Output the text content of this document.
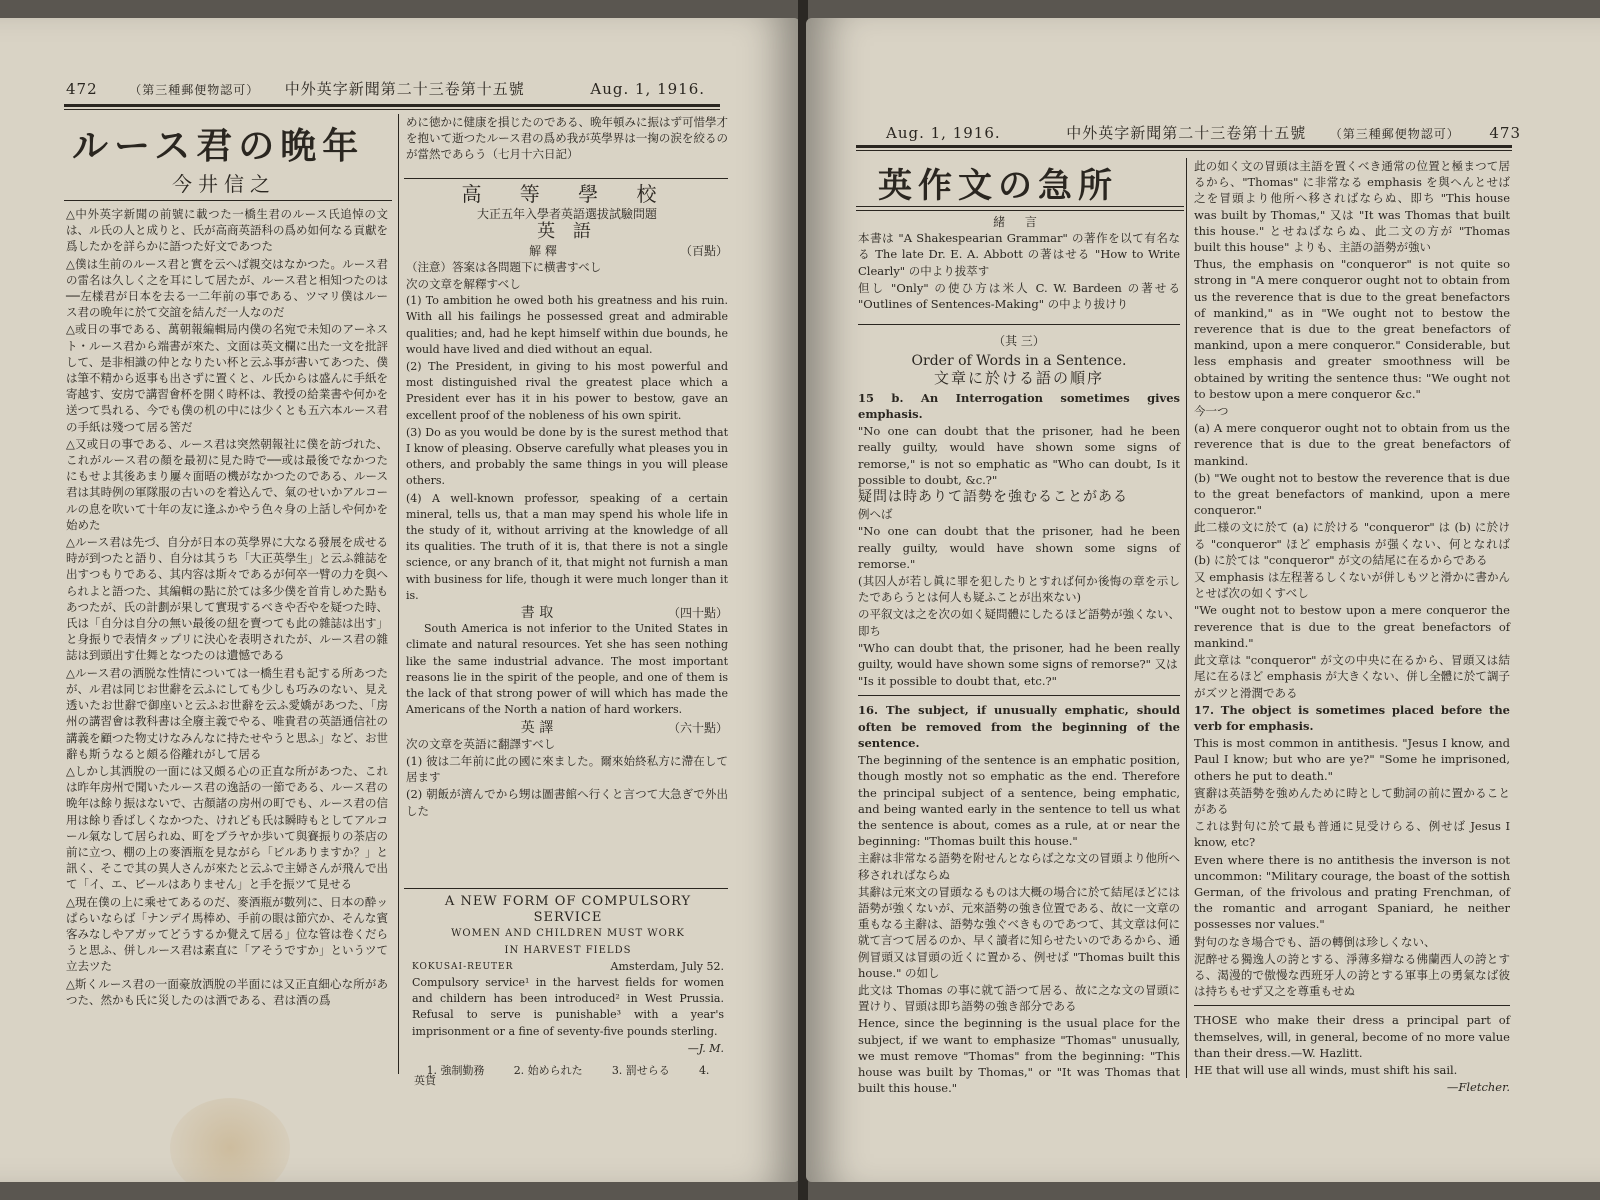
472	（第三種郵便物認可） 中外英字新聞第二十三卷第十五號	Aug. 1, 1916.
ルース君の晩年
今井信之

△中外英字新聞の前號に載つた一橋生君のルース氏追悼の文は、ル氏の人と成りと、氏が高商英語科の爲め如何なる貢獻を爲したかを詳らかに語つた好文であつた

△僕は生前のルース君と實を云へば親交はなかつた。ルース君の雷名は久しく之を耳にして居たが、ルース君と相知つたのは──左樣君が日本を去る一二年前の事である、ツマリ僕はルース君の晩年に於て交誼を結んだ一人なのだ

△或日の事である、萬朝報編輯局内僕の名宛で未知のアーネスト・ルース君から端書が來た、文面は英文欄に出た一文を批評して、是非相識の仲となりたい杯と云ふ事が書いてあつた、僕は筆不精から返事も出さずに置くと、ル氏からは盛んに手紙を寄越す、安房で講習會杯を開く時杯は、教授の給業書や何かを送つて呉れる、今でも僕の机の中には少くとも五六本ルース君の手紙は殘つて居る筈だ

△又或日の事である、ルース君は突然朝報社に僕を訪づれた、これがルース君の顏を最初に見た時で──或は最後でなかつたにもせよ其後あまり屢々面晤の機がなかつたのである、ルース君は其時例の軍隊服の古いのを着込んで、氣のせいかアルコールの息を吹いて十年の友に逢ふかやう色々身の上話しや何かを始めた

△ルース君は先づ、自分が日本の英學界に大なる發展を成せる時が到つたと語り、自分は其うち「大正英學生」と云ふ雜誌を出すつもりである、其内容は斯々であるが何卒一臂の力を與へられよと語つた、其編輯の點に於ては多少僕を首肯しめた點もあつたが、氏の計劃が果して實現するべきや否やを疑つた時、氏は「自分は自分の無い最後の紐を賣つても此の雜誌は出す」と身振りで表情タップリに決心を表明されたが、ルース君の雜誌は到頭出す仕舞となつたのは遺憾である

△ルース君の洒脱な性情については一橋生君も記する所あつたが、ル君は同じお世辭を云ふにしても少しも巧みのない、見え透いたお世辭で御座いと云ふお世辭を云ふ愛嬌があつた、「房州の講習會は教科書は全廢主義でやる、唯貴君の英語通信社の講義を顧つた物丈けなみんなに持たせやうと思ふ」など、お世辭も斯うなると頗る俗離れがして居る

△しかし其洒脫の一面には又頗る心の正直な所があつた、これは昨年房州で聞いたルース君の逸話の一節である、ルース君の晩年は餘り振はないで、古顏諸の房州の町でも、ルース君の信用は餘り香ばしくなかつた、けれども氏は瞬時もとしてアルコール氣なして居られぬ、町をブラヤか歩いて與賽振りの茶店の前に立つ、棚の上の麥酒瓶を見ながら「ビルありますか？」と訊く、そこで其の異人さんが來たと云ふで主婦さんが飛んで出て「イ、エ、ビールはありません」と手を振ツて見せる

△現在僕の上に乘せてあるのだ、麥酒瓶が數列に、日本の酔ッぱらいならば「ナンデイ馬棒め、手前の眼は節穴か、そんな賓客みなしやアガッてどうするか覺えて居る」位な管は卷くだらうと思ふ、併しルース君は素直に「アそうですか」というツて立去ツた

△斯くルース君の一面豪放洒脫の半面には又正直細心な所があつた、然かも氏に災したのは酒である、君は酒の爲

めに徳かに健康を損じたのである、晩年頓みに振はず可惜學才を抱いて逝つたルース君の爲め我が英學界は一掬の涙を絞るのが當然であらう（七月十六日記）

高 等 學 校
大正五年入學者英語選拔試驗問題
英 語
解 釋	（百點）

（注意）答案は各問題下に横書すべし

次の文章を解釋すべし

(1) To ambition he owed both his greatness and his ruin. With all his failings he possessed great and admirable qualities; and, had he kept himself within due bounds, he would have lived and died without an equal.

(2) The President, in giving to his most powerful and most distinguished rival the greatest place which a President ever has it in his power to bestow, gave an excellent proof of the nobleness of his own spirit.

(3) Do as you would be done by is the surest method that I know of pleasing. Observe carefully what pleases you in others, and probably the same things in you will please others.

(4) A well-known professor, speaking of a certain mineral, tells us, that a man may spend his whole life in the study of it, without arriving at the knowledge of all its qualities. The truth of it is, that there is not a single science, or any branch of it, that might not furnish a man with business for life, though it were much longer than it is.

書 取	（四十點）

South America is not inferior to the United States in climate and natural resources. Yet she has seen nothing like the same industrial advance. The most important reasons lie in the spirit of the people, and one of them is the lack of that strong power of will which has made the Americans of the North a nation of hard workers.

英 譯	（六十點）

次の文章を英語に翻譯すべし

(1) 彼は二年前に此の國に來ました。爾來始終私方に滯在して居ます

(2) 朝飯が濟んでから甥は圖書館へ行くと言つて大急ぎで外出した

A NEW FORM OF COMPULSORY SERVICE
WOMEN AND CHILDREN MUST WORK
IN HARVEST FIELDS
KOKUSAI-REUTER	Amsterdam, July 52.

Compulsory service¹ in the harvest fields for women and childern has been introduced² in West Prussia. Refusal to serve is punishable³ with a year's imprisonment or a fine of seventy-five pounds sterling.

—J. M.
1. 強制勤務	2. 始められた	3. 罰せらる	4.
英貨
Aug. 1, 1916.	中外英字新聞第二十三卷第十五號 （第三種郵便物認可） 473
英作文の急所
緒 言

本書は "A Shakespearian Grammar" の著作を以て有名なる The late Dr. E. A. Abbott の著はせる "How to Write Clearly" の中より拔萃す

但し "Only" の使ひ方は米人 C. W. Bardeen の著せる "Outlines of Sentences-Making" の中より拔けり

（其 三）
Order of Words in a Sentence.
文章に於ける語の順序

15 b. An Interrogation sometimes gives emphasis.

"No one can doubt that the prisoner, had he been really guilty, would have shown some signs of remorse," is not so emphatic as "Who can doubt, Is it possible to doubt, &c.?"

疑問は時ありて語勢を強むることがある

例へば

"No one can doubt that the prisoner, had he been really guilty, would have shown some signs of remorse."

(其囚人が若し眞に罪を犯したりとすれば何か後悔の章を示したであらうとは何人も疑ふことが出來ない)

の平叙文は之を次の如く疑問體にしたるほど語勢が強くない、即ち

"Who can doubt that, the prisoner, had he been really guilty, would have shown some signs of remorse?" 又は

"Is it possible to doubt that, etc.?"

16. The subject, if unusually emphatic, should often be removed from the beginning of the sentence.

The beginning of the sentence is an emphatic position, though mostly not so emphatic as the end. Therefore the principal subject of a sentence, being emphatic, and being wanted early in the sentence to tell us what the sentence is about, comes as a rule, at or near the beginning: "Thomas built this house."

主辭は非常なる語勢を附せんとならば之な文の冒頭より他所へ移されればならぬ

其辭は元來文の冒頭なるものは大概の場合に於て結尾ほどには語勢が強くないが、元來語勢の強き位置である、故に一文章の重もなる主辭は、語勢な強ぐべきものであつて、其文章は何に就て言つて居るのか、早く讀者に知らせたいのであるから、通例冒頭又は冒頭の近くに置かる、例せば "Thomas built this house." の如し

此文は Thomas の事に就て語つて居る、故に之な文の冒頭に置けり、冒頭は即ち語勢の強き部分である

Hence, since the beginning is the usual place for the subject, if we want to emphasize "Thomas" unusually, we must remove "Thomas" from the beginning: "This house was built by Thomas," or "It was Thomas that built this house."

此の如く文の冒頭は主語を置くべき通常の位置と極まつて居るから、"Thomas" に非常なる emphasis を與へんとせば之を冒頭より他所へ移さればならぬ、即ち "This house was built by Thomas," 又は "It was Thomas that built this house." とせねばならぬ、此二文の方が "Thomas built this house" よりも、主語の語勢が強い

Thus, the emphasis on "conqueror" is not quite so strong in "A mere conqueror ought not to obtain from us the reverence that is due to the great benefactors of mankind," as in "We ought not to bestow the reverence that is due to the great benefactors of mankind, upon a mere conqueror." Considerable, but less emphasis and greater smoothness will be obtained by writing the sentence thus: "We ought not to bestow upon a mere conqueror &c."

今一つ

(a) A mere conqueror ought not to obtain from us the reverence that is due to the great benefactors of mankind.

(b) "We ought not to bestow the reverence that is due to the great benefactors of mankind, upon a mere conqueror."

此二様の文に於て (a) に於ける "conqueror" は (b) に於ける "conqueror" ほど emphasis が强くない、何となれば (b) に於ては "conqueror" が文の結尾に在るからである

又 emphasis は左程著るしくないが併しもツと滑かに書かんとせば次の如くすべし

"We ought not to bestow upon a mere conqueror the reverence that is due to the great benefactors of mankind."

此文章は "conqueror" が文の中央に在るから、冒頭又は結尾に在るほど emphasis が大きくない、併し全體に於て調子がズツと滑潤である

17. The object is sometimes placed before the verb for emphasis.

This is most common in antithesis. "Jesus I know, and Paul I know; but who are ye?" "Some he imprisoned, others he put to death."

賓辭は英語勢を強めんために時として動詞の前に置かることがある

これは對句に於て最も普通に見受けらる、例せば Jesus I know, etc?

Even where there is no antithesis the inverson is not uncommon: "Military courage, the boast of the sottish German, of the frivolous and prating Frenchman, of the romantic and arrogant Spaniard, he neither possesses nor values."

對句のなき場合でも、語の轉倒は珍しくない、

泥醉せる獨逸人の誇とする、淨薄多辯なる佛蘭西人の誇とする、渴漫的で傲慢な西班牙人の誇とする軍事上の勇氣なば彼は持ちもせず又之を尊重もせぬ

THOSE who make their dress a principal part of themselves, will, in general, become of no more value than their dress.—W. Hazlitt.

HE that will use all winds, must shift his sail.

—Fletcher.
